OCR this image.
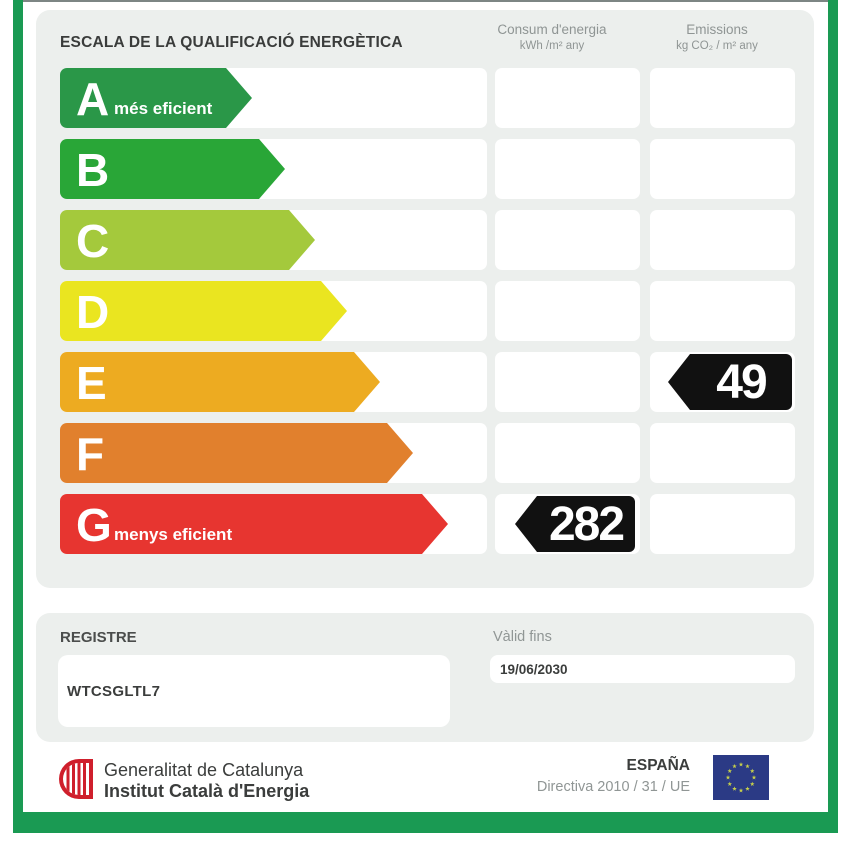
ESCALA DE LA QUALIFICACIÓ ENERGÈTICA
Consum d'energia
kWh /m² any
Emissions
kg CO₂ / m² any
A més eficient
B
C
D
49
E
F
282
G menys eficient
REGISTRE
WTCSGLTL7
Vàlid fins
19/06/2030
Generalitat de Catalunya
Institut Català d'Energia
ESPAÑA
Directiva 2010 / 31 / UE
